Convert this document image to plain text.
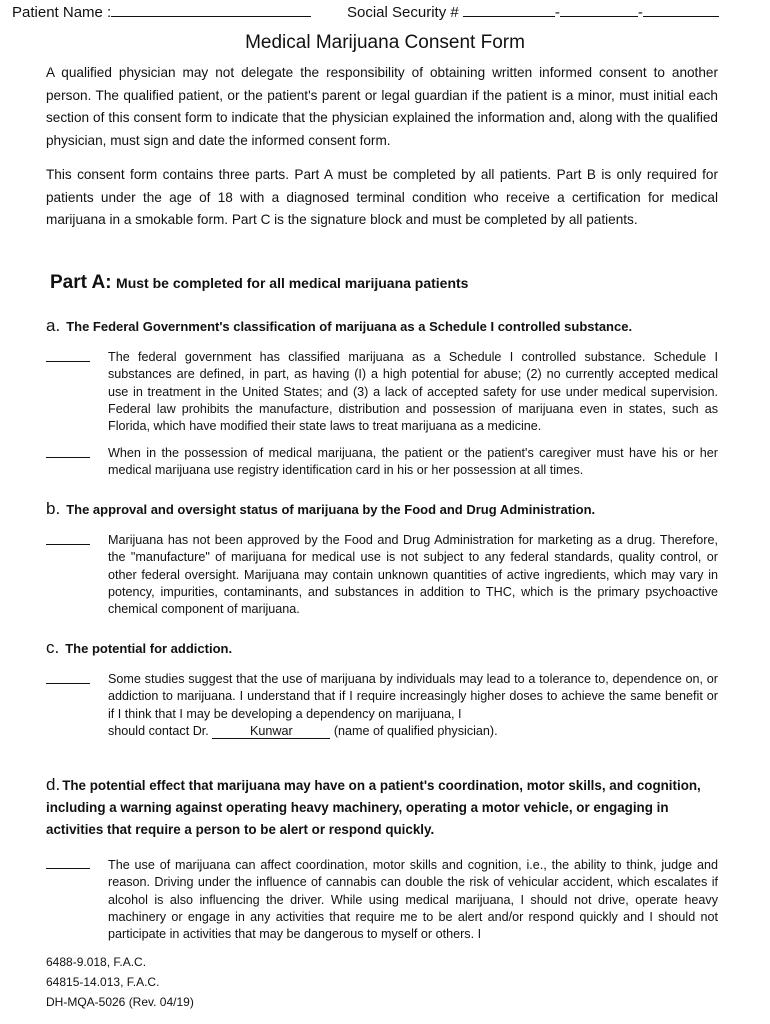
Patient Name :	Social Security #	-	-
Medical Marijuana Consent Form

A qualified physician may not delegate the responsibility of obtaining written informed consent to another person. The qualified patient, or the patient's parent or legal guardian if the patient is a minor, must initial each section of this consent form to indicate that the physician explained the information and, along with the qualified physician, must sign and date the informed consent form.

This consent form contains three parts. Part A must be completed by all patients. Part B is only required for patients under the age of 18 with a diagnosed terminal condition who receive a certification for medical marijuana in a smokable form. Part C is the signature block and must be completed by all patients.

Part A: Must be completed for all medical marijuana patients
a. The Federal Government's classification of marijuana as a Schedule I controlled substance.

The federal government has classified marijuana as a Schedule I controlled substance. Schedule I substances are defined, in part, as having (I) a high potential for abuse; (2) no currently accepted medical use in treatment in the United States; and (3) a lack of accepted safety for use under medical supervision. Federal law prohibits the manufacture, distribution and possession of marijuana even in states, such as Florida, which have modified their state laws to treat marijuana as a medicine.

When in the possession of medical marijuana, the patient or the patient's caregiver must have his or her medical marijuana use registry identification card in his or her possession at all times.

b. The approval and oversight status of marijuana by the Food and Drug Administration.

Marijuana has not been approved by the Food and Drug Administration for marketing as a drug. Therefore, the "manufacture" of marijuana for medical use is not subject to any federal standards, quality control, or other federal oversight. Marijuana may contain unknown quantities of active ingredients, which may vary in potency, impurities, contaminants, and substances in addition to THC, which is the primary psychoactive chemical component of marijuana.

c. The potential for addiction.
Some studies suggest that the use of marijuana by individuals may lead to a tolerance to, dependence on, or addiction to marijuana. I understand that if I require increasingly higher doses to achieve the same benefit or if I think that I may be developing a dependency on marijuana, I
should contact Dr.	Kunwar	(name of qualified physician).

d. The potential effect that marijuana may have on a patient's coordination, motor skills, and cognition, including a warning against operating heavy machinery, operating a motor vehicle, or engaging in activities that require a person to be alert or respond quickly.

The use of marijuana can affect coordination, motor skills and cognition, i.e., the ability to think, judge and reason. Driving under the influence of cannabis can double the risk of vehicular accident, which escalates if alcohol is also influencing the driver. While using medical marijuana, I should not drive, operate heavy machinery or engage in any activities that require me to be alert and/or respond quickly and I should not participate in activities that may be dangerous to myself or others. I

6488-9.018, F.A.C.
64815-14.013, F.A.C.
DH-MQA-5026 (Rev. 04/19)
